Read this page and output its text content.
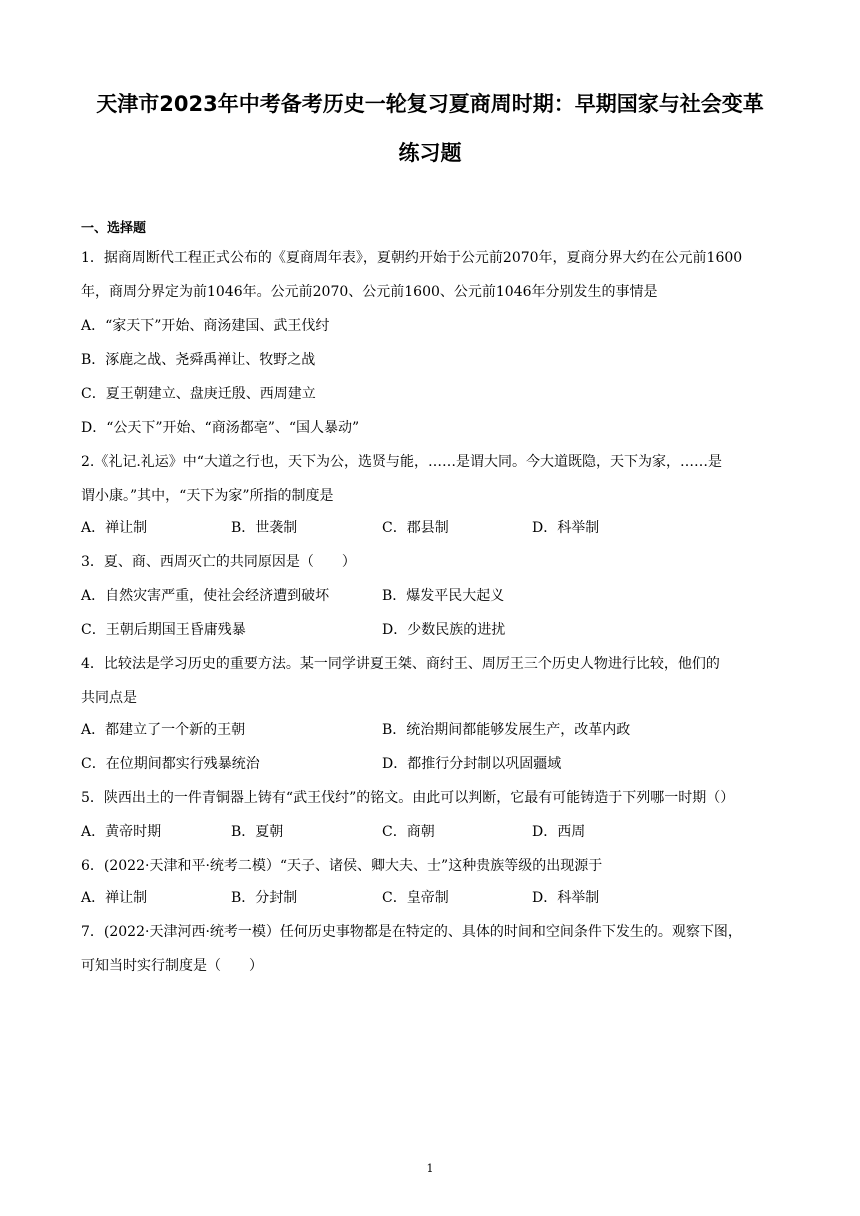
天津市2023年中考备考历史一轮复习夏商周时期：早期国家与社会变革
练习题
一、选择题
1．据商周断代工程正式公布的《夏商周年表》，夏朝约开始于公元前2070年，夏商分界大约在公元前1600
年，商周分界定为前1046年。公元前2070、公元前1600、公元前1046年分别发生的事情是
A．“家天下”开始、商汤建国、武王伐纣
B．涿鹿之战、尧舜禹禅让、牧野之战
C．夏王朝建立、盘庚迁殷、西周建立
D．“公天下”开始、“商汤都亳”、“国人暴动”
2.《礼记.礼运》中“大道之行也，天下为公，选贤与能，……是谓大同。今大道既隐，天下为家，……是
谓小康。”其中，“天下为家”所指的制度是
A．禅让制	B．世袭制	C．郡县制	D．科举制
3．夏、商、西周灭亡的共同原因是（　　）
A．自然灾害严重，使社会经济遭到破坏	B．爆发平民大起义
C．王朝后期国王昏庸残暴	D．少数民族的进扰
4．比较法是学习历史的重要方法。某一同学讲夏王桀、商纣王、周厉王三个历史人物进行比较，他们的
共同点是
A．都建立了一个新的王朝	B．统治期间都能够发展生产，改革内政
C．在位期间都实行残暴统治	D．都推行分封制以巩固疆域
5．陕西出土的一件青铜器上铸有“武王伐纣”的铭文。由此可以判断，它最有可能铸造于下列哪一时期（）
A．黄帝时期	B．夏朝	C．商朝	D．西周
6．(2022·天津和平·统考二模）“天子、诸侯、卿大夫、士”这种贵族等级的出现源于
A．禅让制	B．分封制	C．皇帝制	D．科举制
7．(2022·天津河西·统考一模）任何历史事物都是在特定的、具体的时间和空间条件下发生的。观察下图，
可知当时实行制度是（　　）
1
